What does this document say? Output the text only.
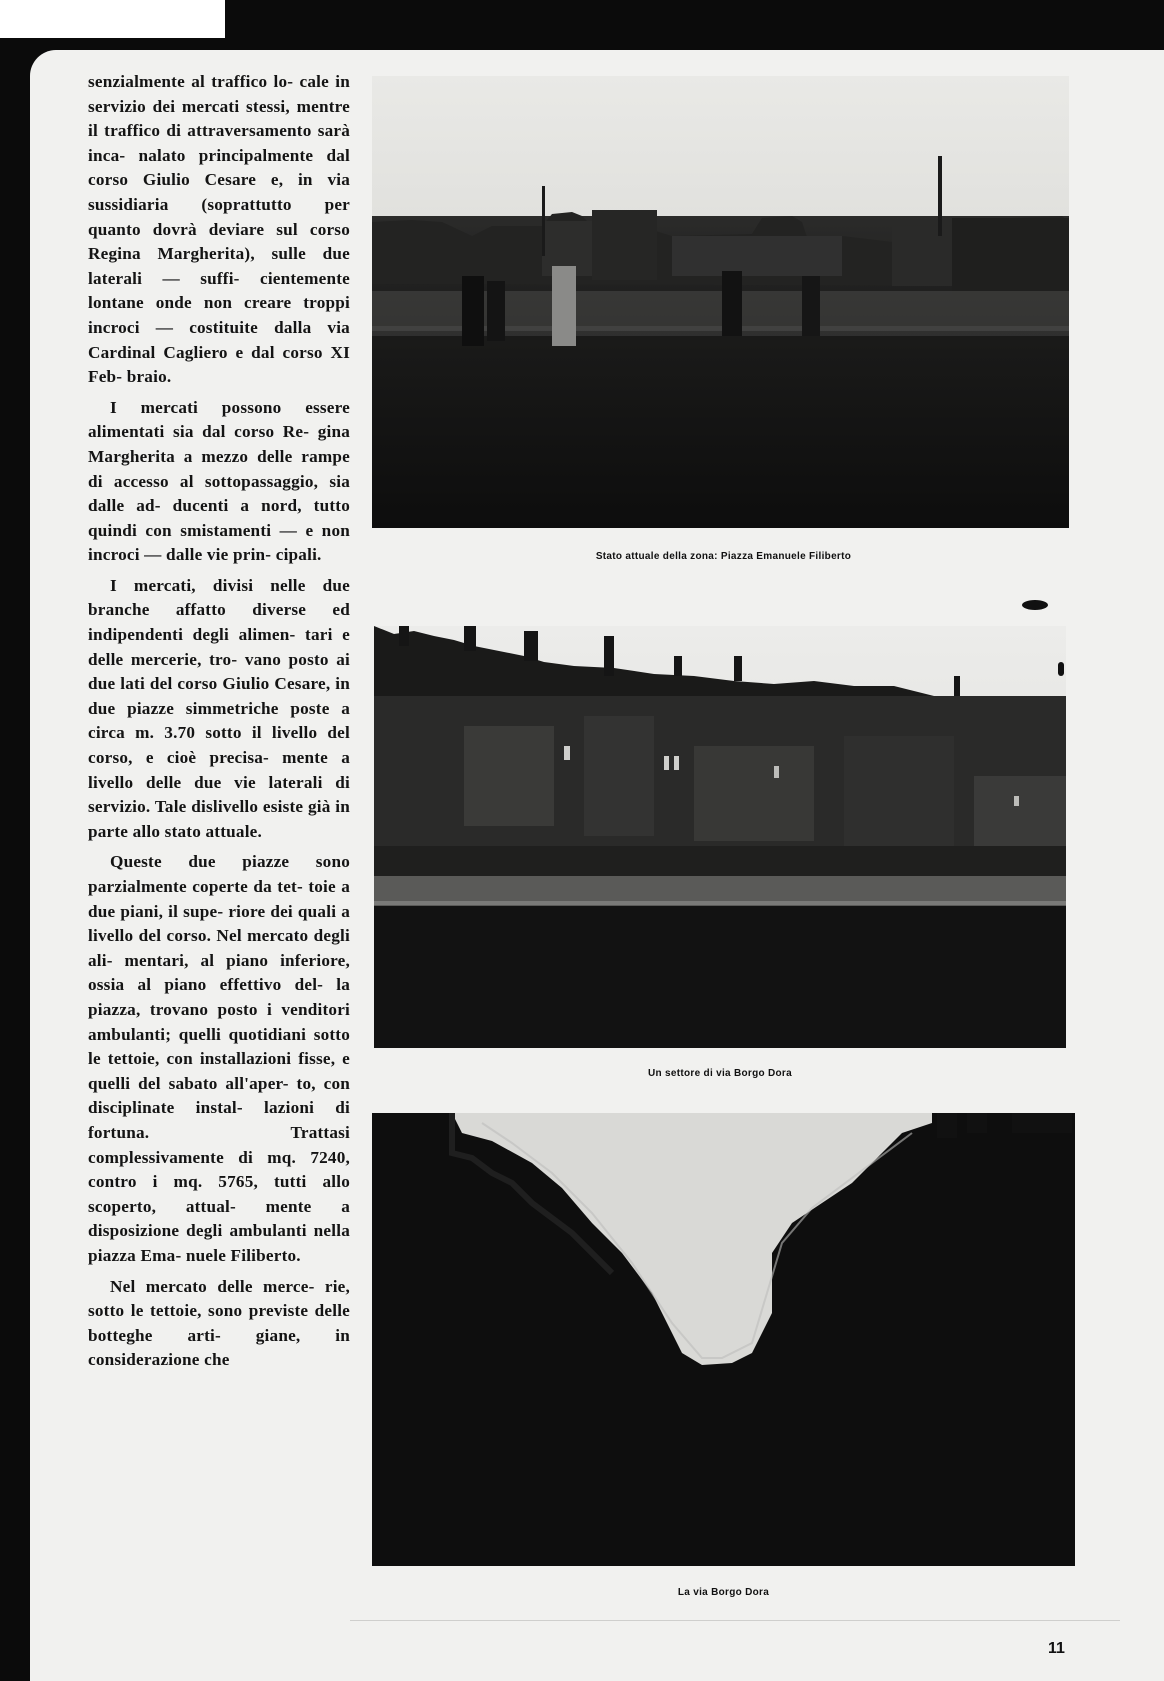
senzialmente al traffico lo- cale in servizio dei mercati stessi, mentre il traffico di attraversamento sarà inca- nalato principalmente dal corso Giulio Cesare e, in via sussidiaria (soprattutto per quanto dovrà deviare sul corso Regina Margherita), sulle due laterali — suffi- cientemente lontane onde non creare troppi incroci — costituite dalla via Cardinal Cagliero e dal corso XI Feb- braio.

I mercati possono essere alimentati sia dal corso Re- gina Margherita a mezzo delle rampe di accesso al sottopassaggio, sia dalle ad- ducenti a nord, tutto quindi con smistamenti — e non incroci — dalle vie prin- cipali.

I mercati, divisi nelle due branche affatto diverse ed indipendenti degli alimen- tari e delle mercerie, tro- vano posto ai due lati del corso Giulio Cesare, in due piazze simmetriche poste a circa m. 3.70 sotto il livello del corso, e cioè precisa- mente a livello delle due vie laterali di servizio. Tale dislivello esiste già in parte allo stato attuale.

Queste due piazze sono parzialmente coperte da tet- toie a due piani, il supe- riore dei quali a livello del corso. Nel mercato degli ali- mentari, al piano inferiore, ossia al piano effettivo del- la piazza, trovano posto i venditori ambulanti; quelli quotidiani sotto le tettoie, con installazioni fisse, e quelli del sabato all'aper- to, con disciplinate instal- lazioni di fortuna. Trattasi complessivamente di mq. 7240, contro i mq. 5765, tutti allo scoperto, attual- mente a disposizione degli ambulanti nella piazza Ema- nuele Filiberto.

Nel mercato delle merce- rie, sotto le tettoie, sono previste delle botteghe arti- giane, in considerazione che

Stato attuale della zona: Piazza Emanuele Filiberto
Un settore di via Borgo Dora
La via Borgo Dora
11
